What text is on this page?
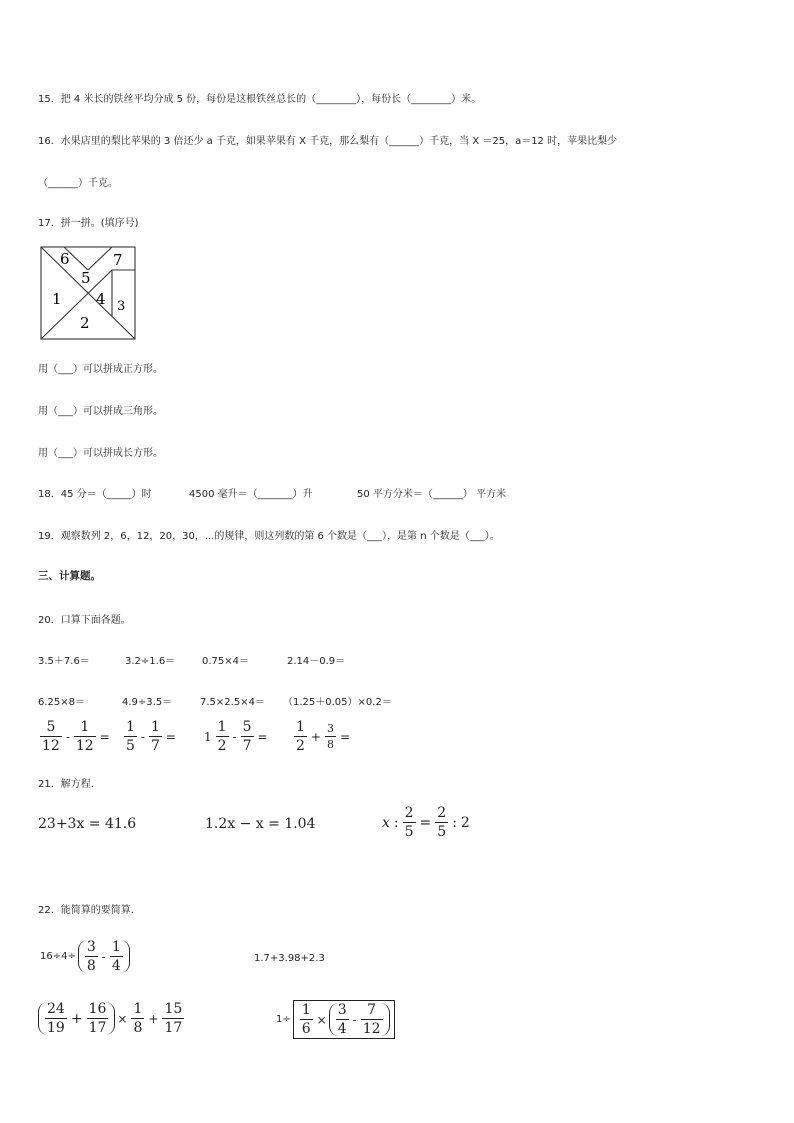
15．把 4 米长的铁丝平均分成 5 份，每份是这根铁丝总长的（________），每份长（________）米。
16．水果店里的梨比苹果的 3 倍还少 a 千克，如果苹果有 X 千克，那么梨有（______）千克，当 X ＝25，a＝12 时，苹果比梨少
（______）千克。
17．拼一拼。(填序号)
6
5
7
1 4 3
2
用（___）可以拼成正方形。
用（___）可以拼成三角形。
用（___）可以拼成长方形。
18．45 分＝（_____）时	4500 毫升＝（_______）升	50 平方分米＝（______） 平方米
19．观察数列 2，6，12，20，30，...的规律，则这列数的第 6 个数是（___），是第 n 个数是（___）。
三、计算题。
20．口算下面各题。
3.5＋7.6＝	3.2÷1.6＝	0.75×4＝	2.14－0.9＝
6.25×8＝	4.9÷3.5＝	7.5×2.5×4＝ （1.25＋0.05）×0.2＝
$\frac{5}{12} - \frac{1}{12} = \frac{1}{5} - \frac{1}{7} = 1 \frac{1}{2} - \frac{5}{7} = \frac{1}{2} + \frac{3}{8}$ =
21．解方程．
23+3x = 41.6	1.2x − x = 1.04	x : $\frac{2}{5} = \frac{2}{5}$ : 2
22．能简算的要简算．
$16\div 4\div \frac{3}{8} - \frac{1}{4}$	1.7+3.98+2.3
$\frac{24}{19} + \frac{16}{17} \times \frac{1}{8} + \frac{15}{17}$	$1\div \frac{1}{6} \times \frac{3}{4} - \frac{7}{12}$
